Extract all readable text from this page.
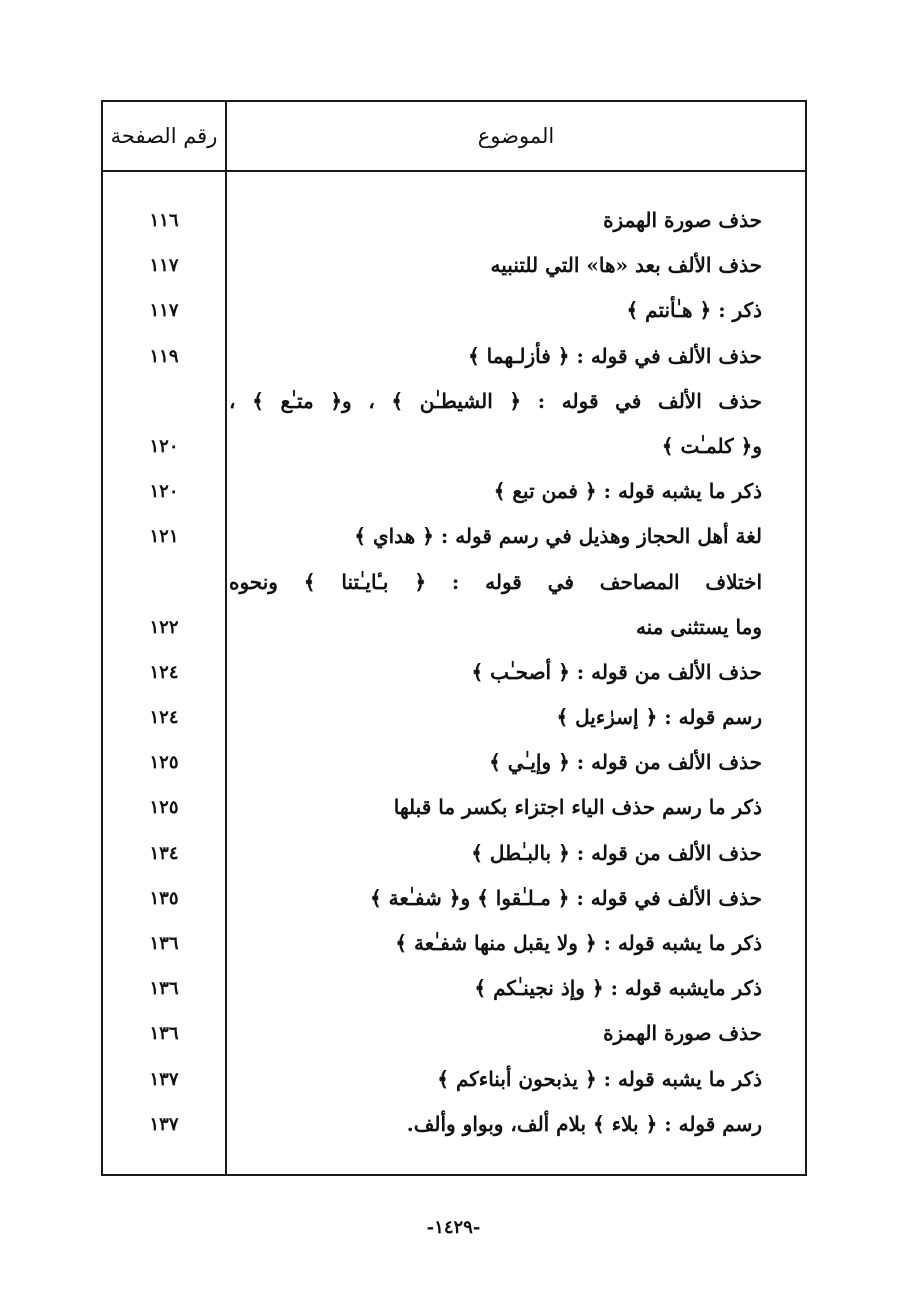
الموضوع
رقم الصفحة
حذف صورة الهمزة
١١٦
حذف الألف بعد «ها» التي للتنبيه
١١٧
ذكر : ﴿ هـٰأنتم ﴾
١١٧
حذف الألف في قوله : ﴿ فأزلـهما ﴾
١١٩
حذف الألف في قوله : ﴿ الشيطـٰن ﴾ ، و﴿ متـٰع ﴾ ،
و﴿ كلمـٰت ﴾
١٢٠
ذكر ما يشبه قوله : ﴿ فمن تبع ﴾
١٢٠
لغة أهل الحجاز وهذيل في رسم قوله : ﴿ هداي ﴾
١٢١
اختلاف المصاحف في قوله : ﴿ بـٔايـٰتنا ﴾ ونحوه
وما يستثنى منه
١٢٢
حذف الألف من قوله : ﴿ أصحـٰب ﴾
١٢٤
رسم قوله : ﴿ إسرٰءيل ﴾
١٢٤
حذف الألف من قوله : ﴿ وإيـٰي ﴾
١٢٥
ذكر ما رسم حذف الياء اجتزاء بكسر ما قبلها
١٢٥
حذف الألف من قوله : ﴿ بالبـٰطل ﴾
١٣٤
حذف الألف في قوله : ﴿ مـلـٰقوا ﴾ و﴿ شفـٰعة ﴾
١٣٥
ذكر ما يشبه قوله : ﴿ ولا يقبل منها شفـٰعة ﴾
١٣٦
ذكر مايشبه قوله : ﴿ وإذ نجينـٰكم ﴾
١٣٦
حذف صورة الهمزة
١٣٦
ذكر ما يشبه قوله : ﴿ يذبحون أبناءكم ﴾
١٣٧
رسم قوله : ﴿ بلاء ﴾ بلام ألف، وبواو وألف.
١٣٧
-١٤٢٩-
